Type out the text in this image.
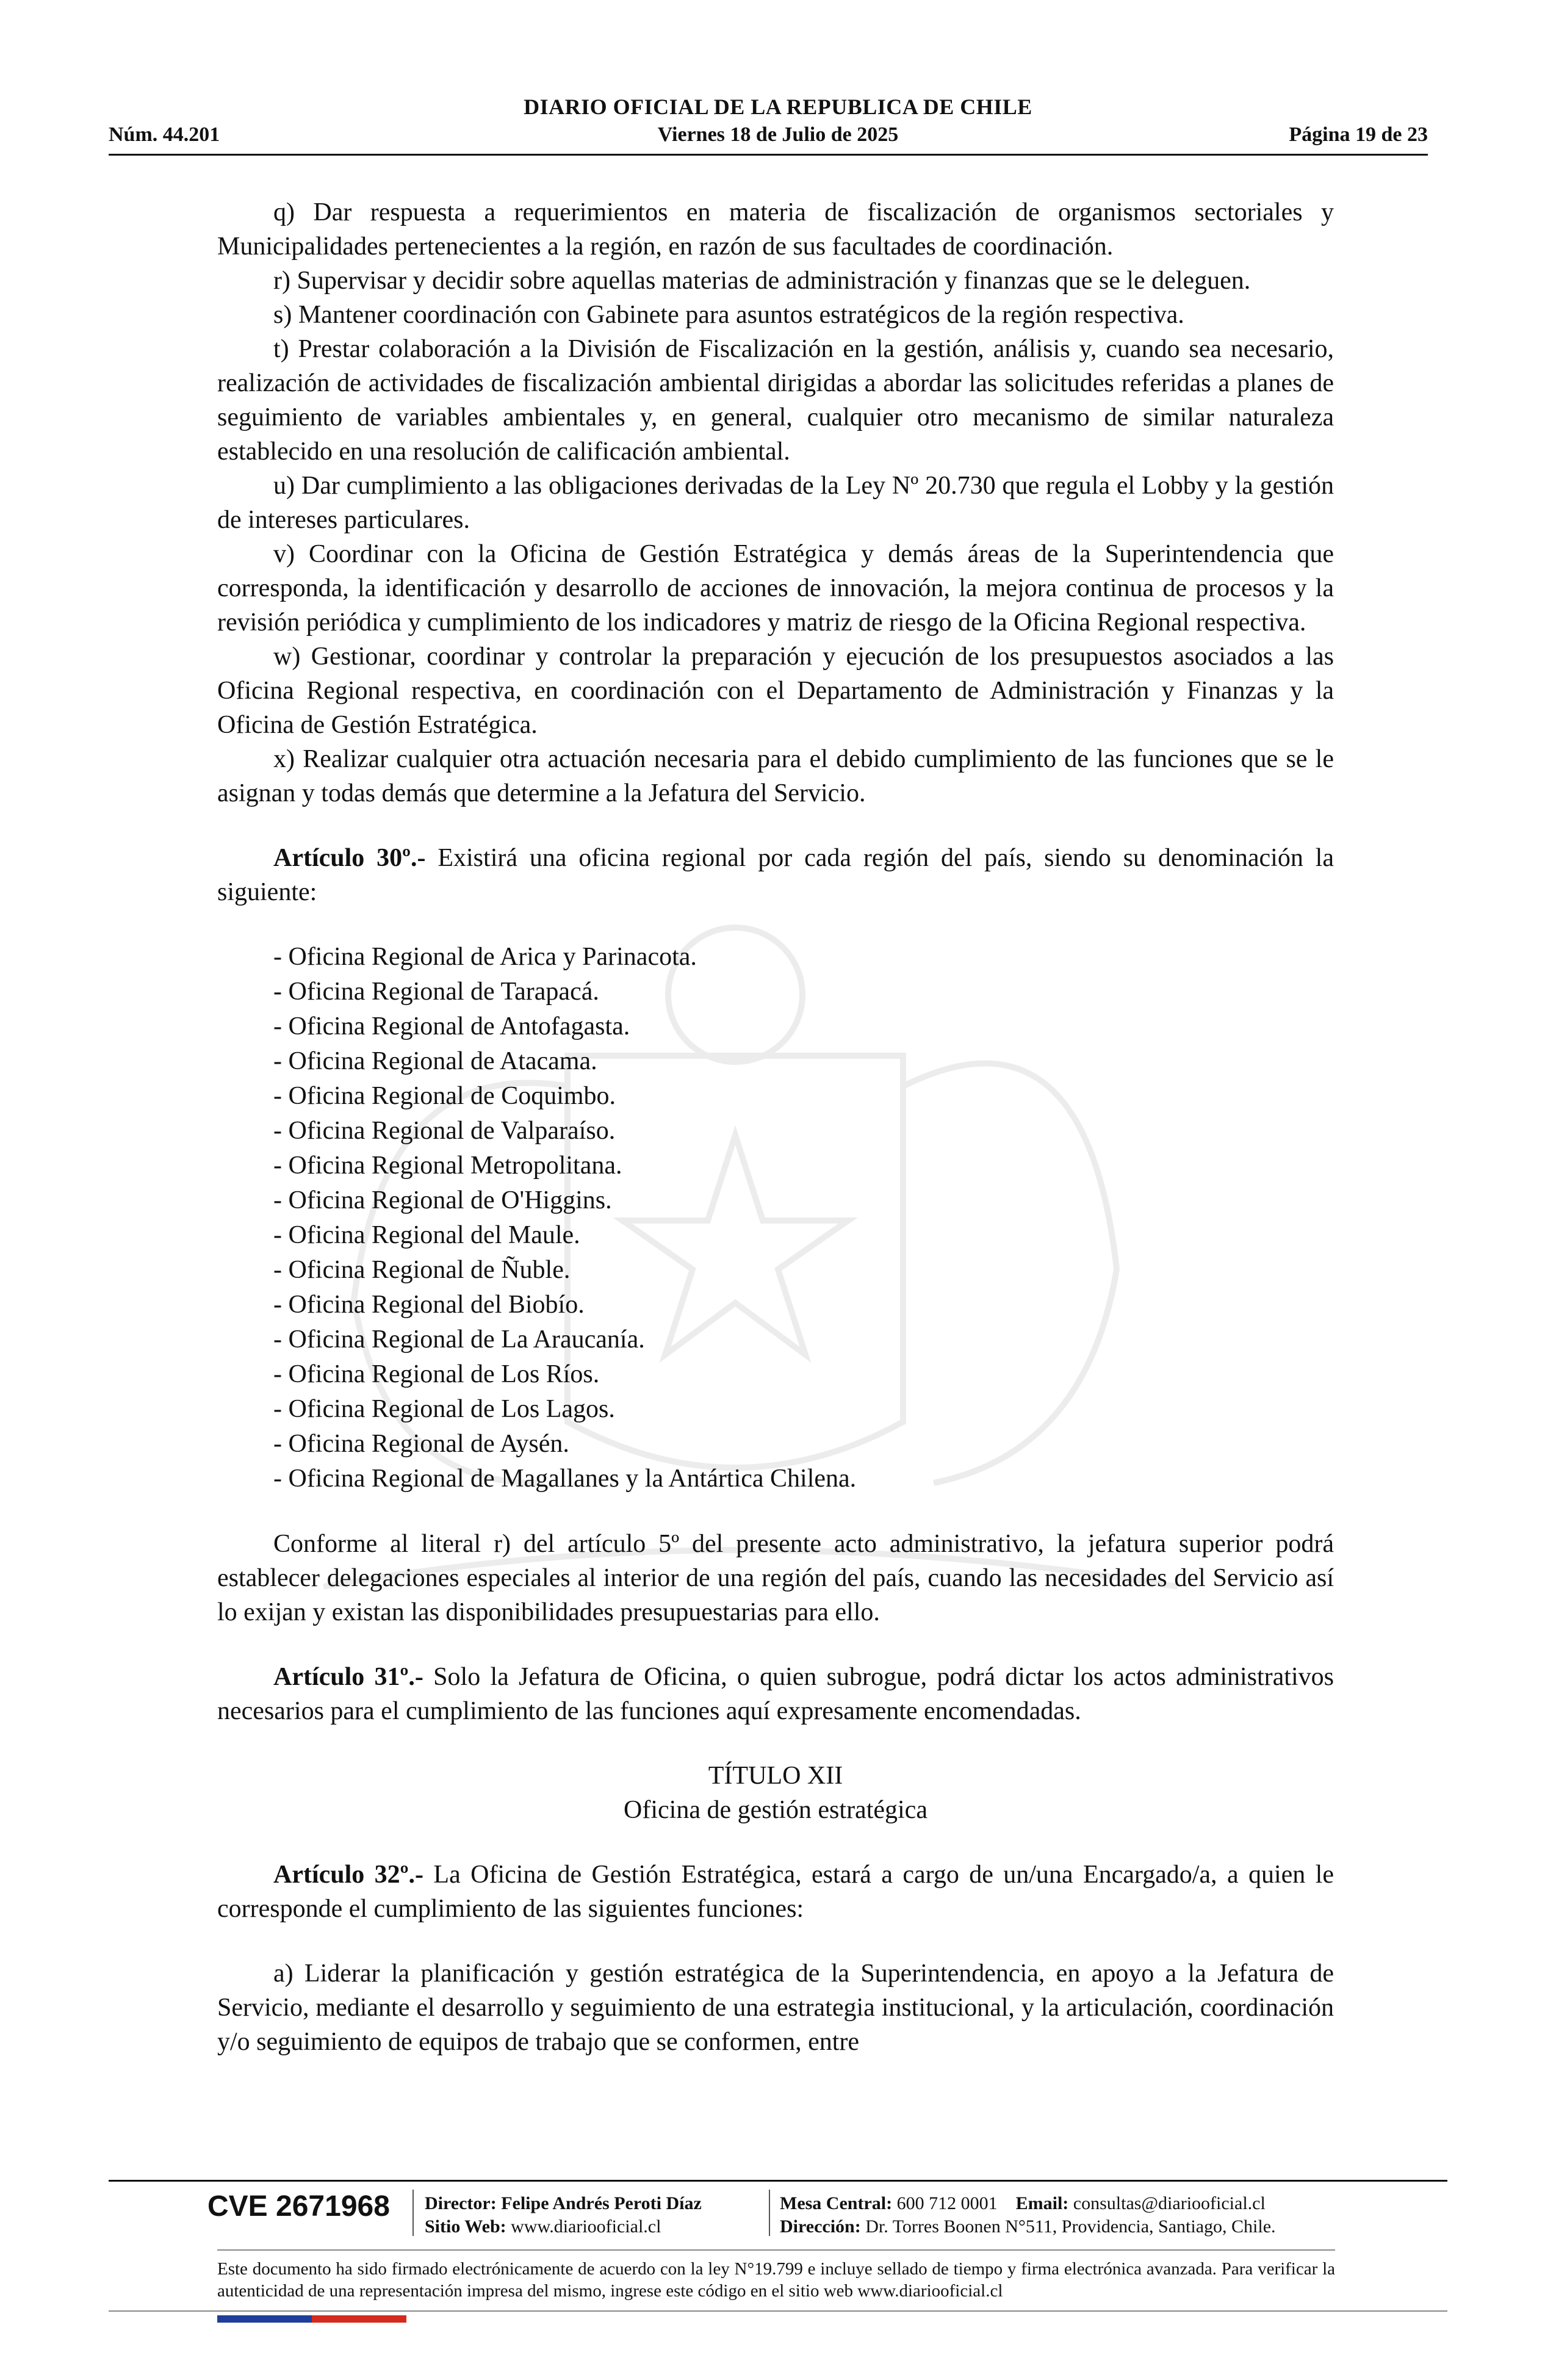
DIARIO OFICIAL DE LA REPUBLICA DE CHILE
Núm. 44.201	Viernes 18 de Julio de 2025	Página 19 de 23

q) Dar respuesta a requerimientos en materia de fiscalización de organismos sectoriales y Municipalidades pertenecientes a la región, en razón de sus facultades de coordinación.

r) Supervisar y decidir sobre aquellas materias de administración y finanzas que se le deleguen.

s) Mantener coordinación con Gabinete para asuntos estratégicos de la región respectiva.

t) Prestar colaboración a la División de Fiscalización en la gestión, análisis y, cuando sea necesario, realización de actividades de fiscalización ambiental dirigidas a abordar las solicitudes referidas a planes de seguimiento de variables ambientales y, en general, cualquier otro mecanismo de similar naturaleza establecido en una resolución de calificación ambiental.

u) Dar cumplimiento a las obligaciones derivadas de la Ley Nº 20.730 que regula el Lobby y la gestión de intereses particulares.

v) Coordinar con la Oficina de Gestión Estratégica y demás áreas de la Superintendencia que corresponda, la identificación y desarrollo de acciones de innovación, la mejora continua de procesos y la revisión periódica y cumplimiento de los indicadores y matriz de riesgo de la Oficina Regional respectiva.

w) Gestionar, coordinar y controlar la preparación y ejecución de los presupuestos asociados a las Oficina Regional respectiva, en coordinación con el Departamento de Administración y Finanzas y la Oficina de Gestión Estratégica.

x) Realizar cualquier otra actuación necesaria para el debido cumplimiento de las funciones que se le asignan y todas demás que determine a la Jefatura del Servicio.

Artículo 30º.- Existirá una oficina regional por cada región del país, siendo su denominación la siguiente:

- Oficina Regional de Arica y Parinacota.
- Oficina Regional de Tarapacá.
- Oficina Regional de Antofagasta.
- Oficina Regional de Atacama.
- Oficina Regional de Coquimbo.
- Oficina Regional de Valparaíso.
- Oficina Regional Metropolitana.
- Oficina Regional de O'Higgins.
- Oficina Regional del Maule.
- Oficina Regional de Ñuble.
- Oficina Regional del Biobío.
- Oficina Regional de La Araucanía.
- Oficina Regional de Los Ríos.
- Oficina Regional de Los Lagos.
- Oficina Regional de Aysén.
- Oficina Regional de Magallanes y la Antártica Chilena.

Conforme al literal r) del artículo 5º del presente acto administrativo, la jefatura superior podrá establecer delegaciones especiales al interior de una región del país, cuando las necesidades del Servicio así lo exijan y existan las disponibilidades presupuestarias para ello.

Artículo 31º.- Solo la Jefatura de Oficina, o quien subrogue, podrá dictar los actos administrativos necesarios para el cumplimiento de las funciones aquí expresamente encomendadas.

TÍTULO XII

Oficina de gestión estratégica

Artículo 32º.- La Oficina de Gestión Estratégica, estará a cargo de un/una Encargado/a, a quien le corresponde el cumplimiento de las siguientes funciones:

a) Liderar la planificación y gestión estratégica de la Superintendencia, en apoyo a la Jefatura de Servicio, mediante el desarrollo y seguimiento de una estrategia institucional, y la articulación, coordinación y/o seguimiento de equipos de trabajo que se conformen, entre

CVE 2671968 Director: Felipe Andrés Peroti Díaz
Sitio Web: www.diariooficial.cl
Mesa Central: 600 712 0001 Email: consultas@diariooficial.cl
Dirección: Dr. Torres Boonen N°511, Providencia, Santiago, Chile.
Este documento ha sido firmado electrónicamente de acuerdo con la ley N°19.799 e incluye sellado de tiempo y firma electrónica avanzada. Para verificar la autenticidad de una representación impresa del mismo, ingrese este código en el sitio web www.diariooficial.cl
